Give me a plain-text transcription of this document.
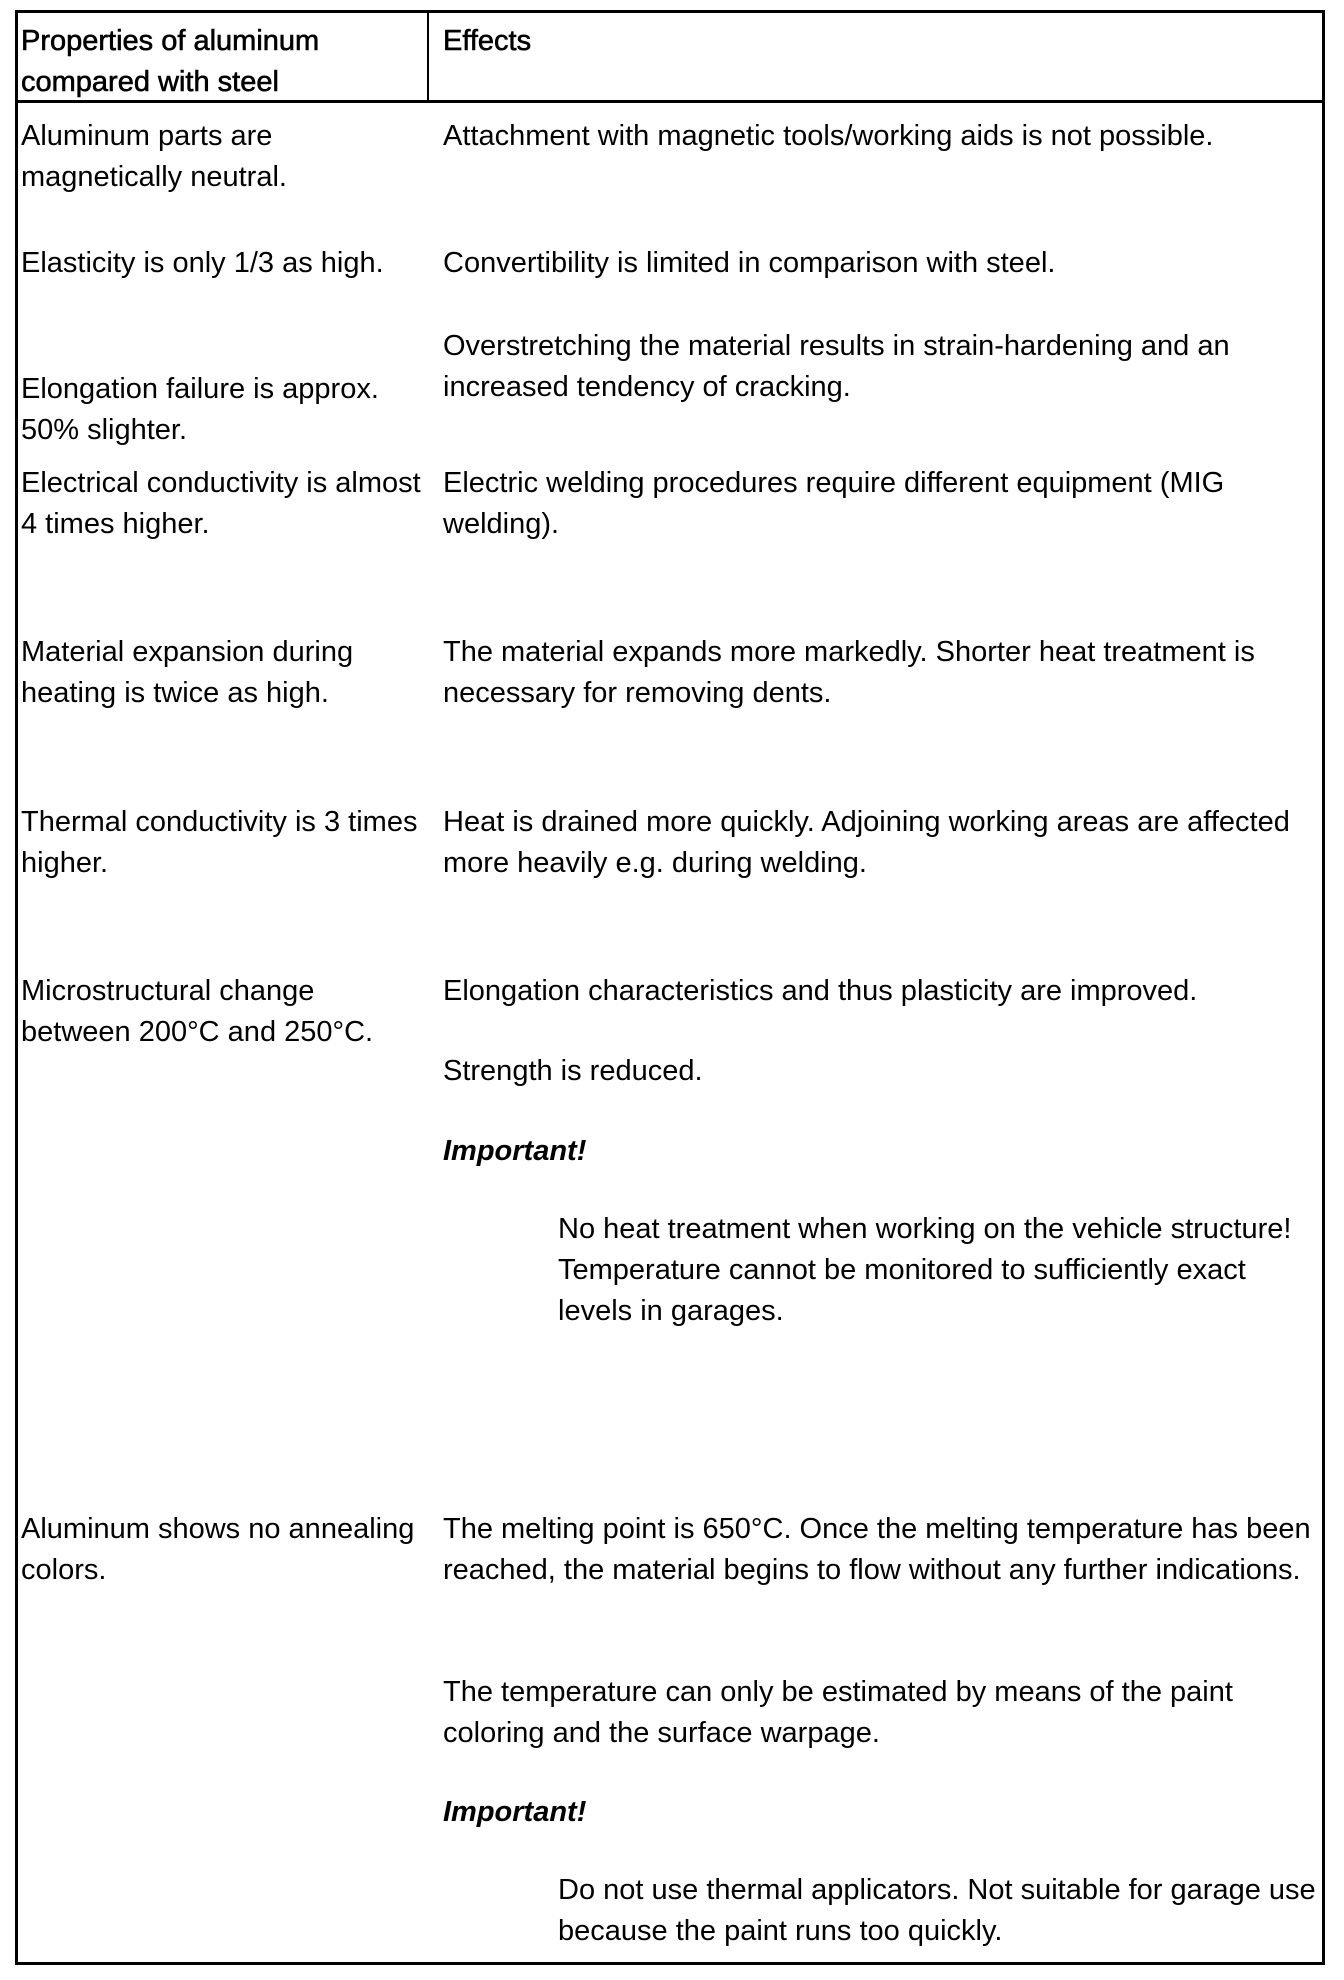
Properties of aluminum compared with steel
Effects
Aluminum parts are magnetically neutral.
Attachment with magnetic tools/working aids is not possible.
Elasticity is only 1/3 as high.	Convertibility is limited in comparison with steel.
Elongation failure is approx. 50% slighter.
Overstretching the material results in strain-hardening and an increased tendency of cracking.
Electrical conductivity is almost 4 times higher.
Electric welding procedures require different equipment (MIG welding).
Material expansion during heating is twice as high.
The material expands more markedly. Shorter heat treatment is necessary for removing dents.
Thermal conductivity is 3 times higher.
Heat is drained more quickly. Adjoining working areas are affected more heavily e.g. during welding.
Microstructural change between 200°C and 250°C.
Elongation characteristics and thus plasticity are improved.
Strength is reduced.
Important!
No heat treatment when working on the vehicle structure! Temperature cannot be monitored to sufficiently exact levels in garages.
Aluminum shows no annealing colors.
The melting point is 650°C. Once the melting temperature has been reached, the material begins to flow without any further indications.
The temperature can only be estimated by means of the paint coloring and the surface warpage.
Important!
Do not use thermal applicators. Not suitable for garage use because the paint runs too quickly.
